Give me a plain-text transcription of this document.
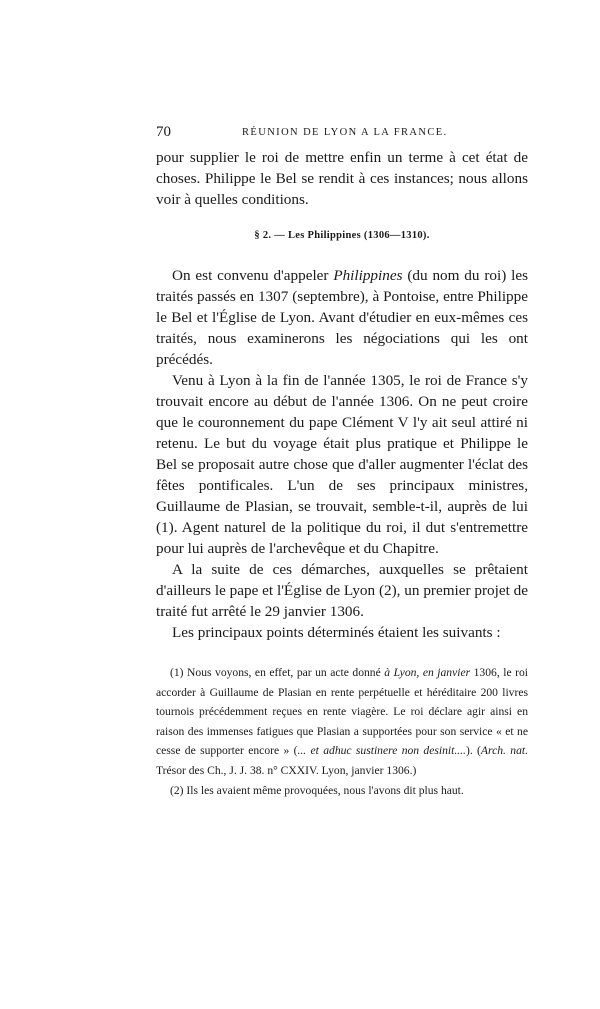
70	RÉUNION DE LYON A LA FRANCE.

pour supplier le roi de mettre enfin un terme à cet état de choses. Philippe le Bel se rendit à ces instances; nous allons voir à quelles conditions.

§ 2. — Les Philippines (1306—1310).

On est convenu d'appeler Philippines (du nom du roi) les traités passés en 1307 (septembre), à Pontoise, entre Philippe le Bel et l'Église de Lyon. Avant d'étudier en eux-mêmes ces traités, nous examinerons les négociations qui les ont précédés.

Venu à Lyon à la fin de l'année 1305, le roi de France s'y trouvait encore au début de l'année 1306. On ne peut croire que le couronnement du pape Clément V l'y ait seul attiré ni retenu. Le but du voyage était plus pratique et Philippe le Bel se proposait autre chose que d'aller augmenter l'éclat des fêtes pontificales. L'un de ses principaux ministres, Guillaume de Plasian, se trouvait, semble-t-il, auprès de lui (1). Agent naturel de la politique du roi, il dut s'entremettre pour lui auprès de l'archevêque et du Chapitre.

A la suite de ces démarches, auxquelles se prêtaient d'ailleurs le pape et l'Église de Lyon (2), un premier projet de traité fut arrêté le 29 janvier 1306.

Les principaux points déterminés étaient les suivants :

(1) Nous voyons, en effet, par un acte donné à Lyon, en janvier 1306, le roi accorder à Guillaume de Plasian en rente perpétuelle et héréditaire 200 livres tournois précédemment reçues en rente viagère. Le roi déclare agir ainsi en raison des immenses fatigues que Plasian a supportées pour son service « et ne cesse de supporter encore » (... et adhuc sustinere non desinit....). (Arch. nat. Trésor des Ch., J. J. 38. n° CXXIV. Lyon, janvier 1306.)

(2) Ils les avaient même provoquées, nous l'avons dit plus haut.
